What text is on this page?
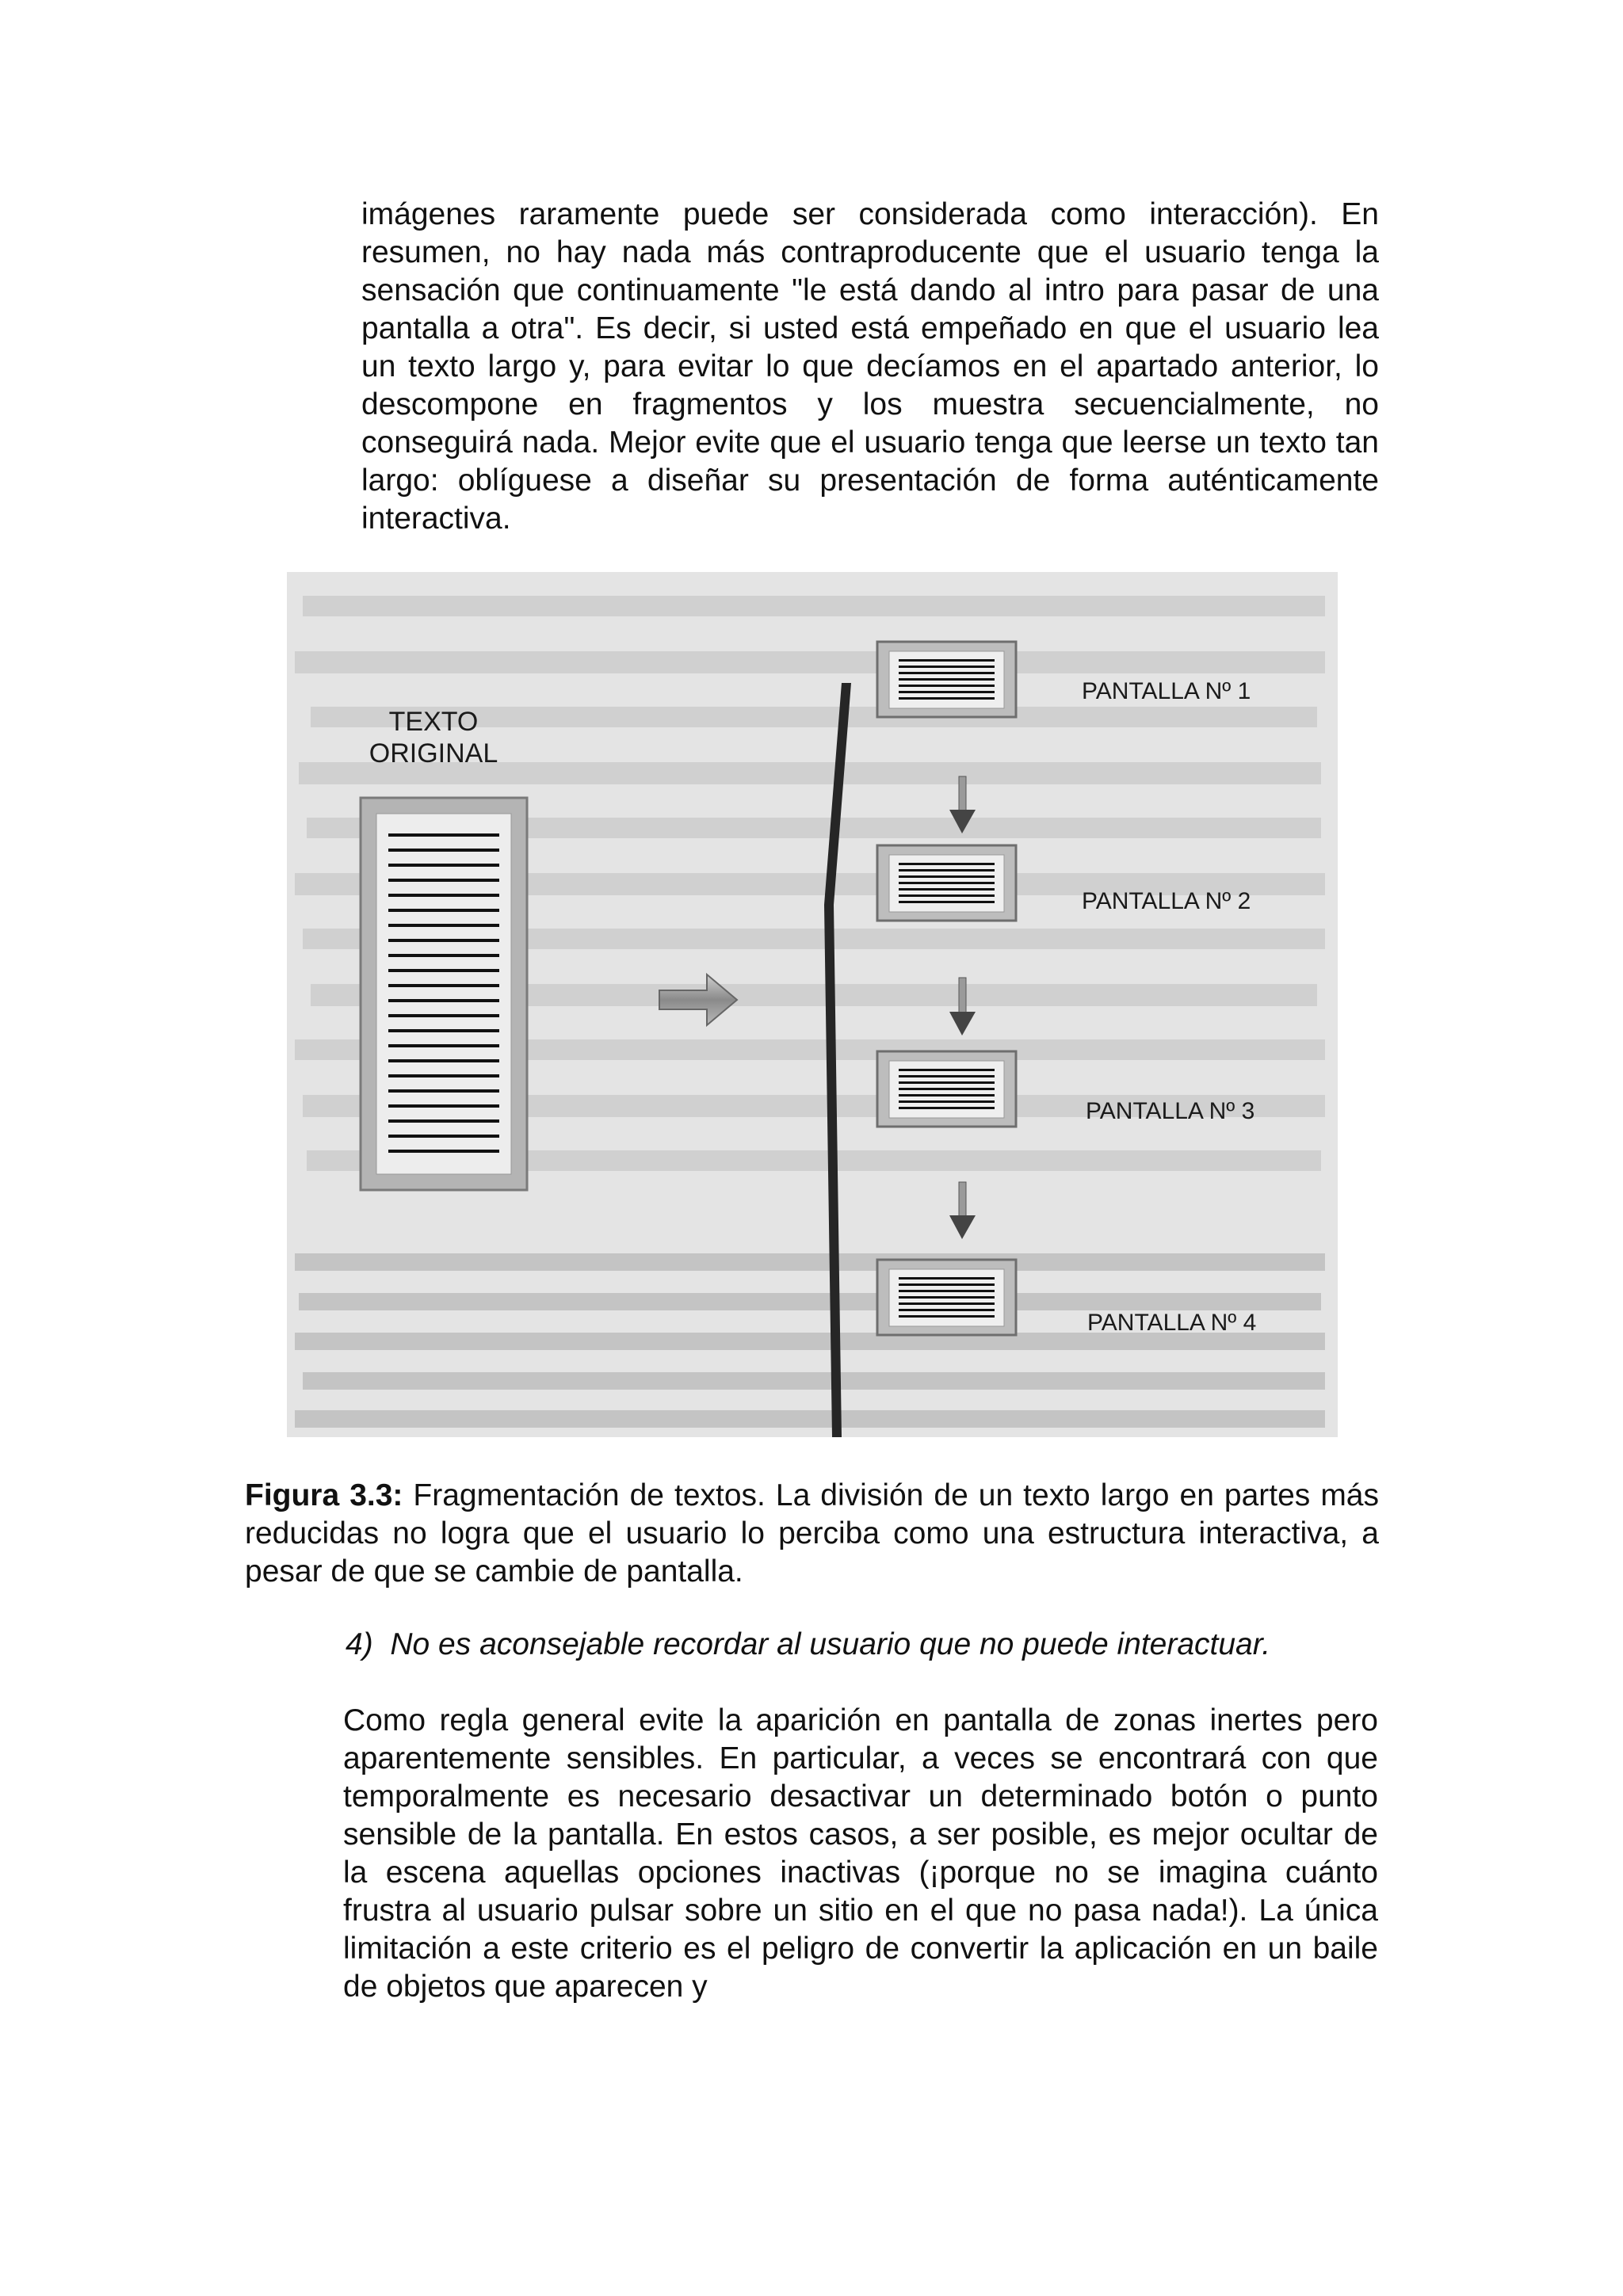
imágenes raramente puede ser considerada como interacción). En resumen, no hay nada más contraproducente que el usuario tenga la sensación que continuamente "le está dando al intro para pasar de una pantalla a otra". Es decir, si usted está empeñado en que el usuario lea un texto largo y, para evitar lo que decíamos en el apartado anterior, lo descompone en fragmentos y los muestra secuencialmente, no conseguirá nada. Mejor evite que el usuario tenga que leerse un texto tan largo: oblíguese a diseñar su presentación de forma auténticamente interactiva.

TEXTO
ORIGINAL
PANTALLA Nº 1
PANTALLA Nº 2
PANTALLA Nº 3
PANTALLA Nº 4

Figura 3.3: Fragmentación de textos. La división de un texto largo en partes más reducidas no logra que el usuario lo perciba como una estructura interactiva, a pesar de que se cambie de pantalla.

4) No es aconsejable recordar al usuario que no puede interactuar.

Como regla general evite la aparición en pantalla de zonas inertes pero aparentemente sensibles. En particular, a veces se encontrará con que temporalmente es necesario desactivar un determinado botón o punto sensible de la pantalla. En estos casos, a ser posible, es mejor ocultar de la escena aquellas opciones inactivas (¡porque no se imagina cuánto frustra al usuario pulsar sobre un sitio en el que no pasa nada!). La única limitación a este criterio es el peligro de convertir la aplicación en un baile de objetos que aparecen y
